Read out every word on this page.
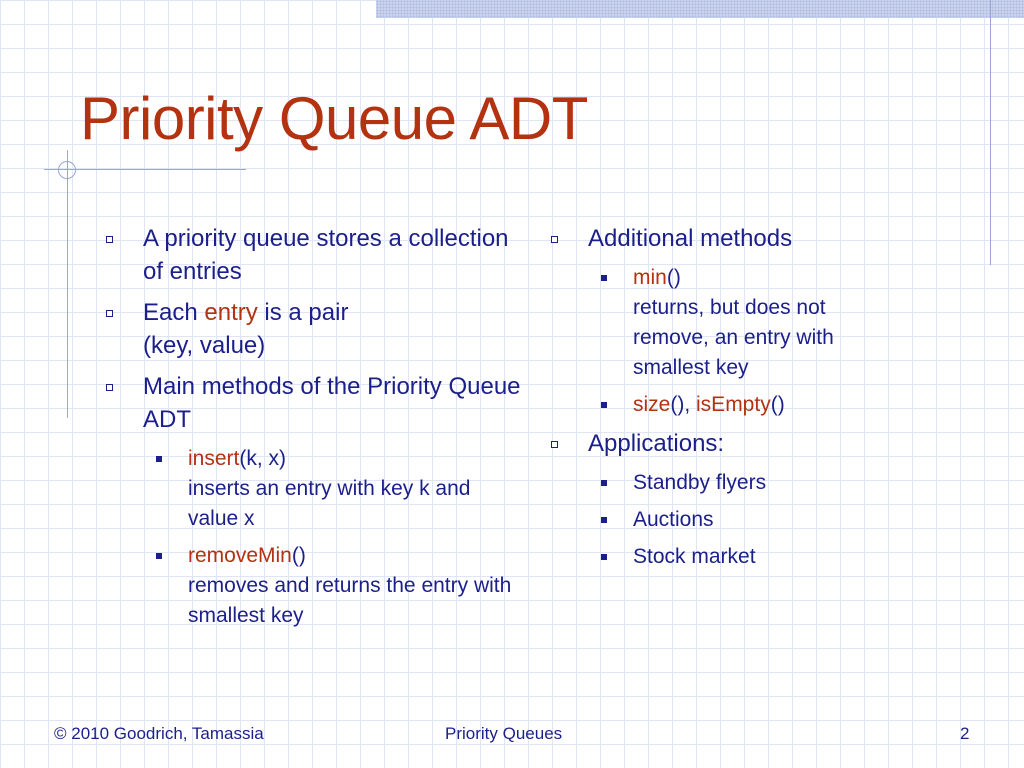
Priority Queue ADT
A priority queue stores a collection of entries
Each entry is a pair
(key, value)
Main methods of the Priority Queue ADT
insert(k, x)
inserts an entry with key k and value x
removeMin()
removes and returns the entry with smallest key
Additional methods
min()
returns, but does not remove, an entry with smallest key
size(), isEmpty()
Applications:
Standby flyers
Auctions
Stock market
© 2010 Goodrich, Tamassia	Priority Queues	2
